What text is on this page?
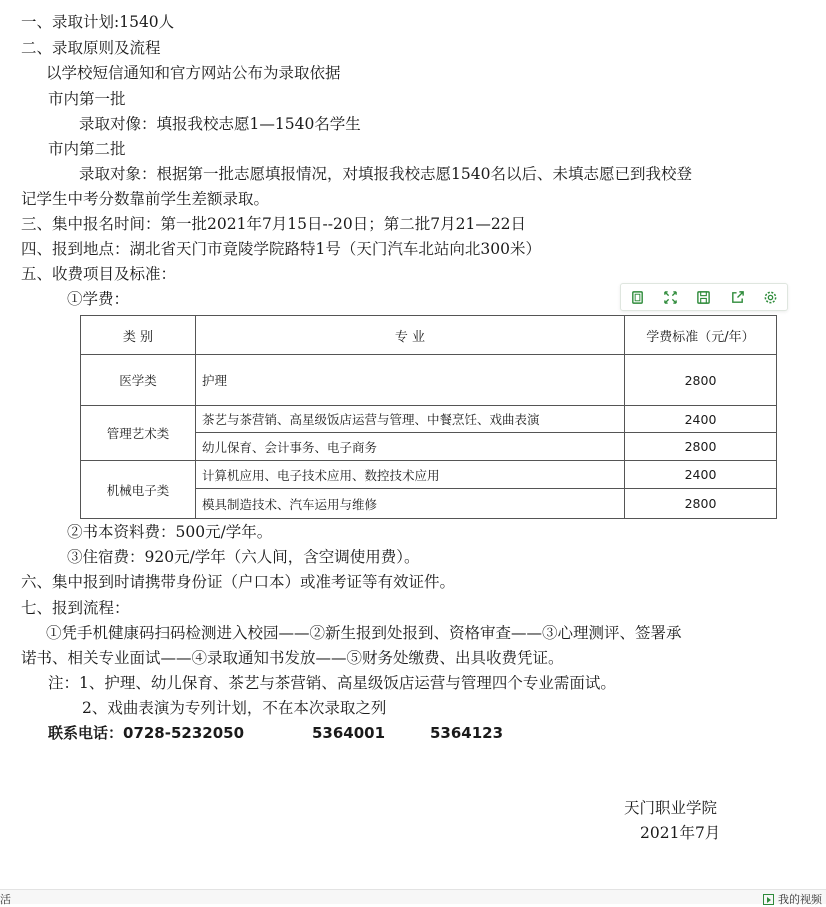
一、录取计划:1540人
二、录取原则及流程
以学校短信通知和官方网站公布为录取依据
市内第一批
录取对像：填报我校志愿1—1540名学生
市内第二批
录取对象：根据第一批志愿填报情况，对填报我校志愿1540名以后、未填志愿已到我校登
记学生中考分数靠前学生差额录取。
三、集中报名时间：第一批2021年7月15日--20日；第二批7月21—22日
四、报到地点：湖北省天门市竟陵学院路特1号（天门汽车北站向北300米）
五、收费项目及标准：
①学费：
类 别	专 业	学费标准（元/年）
医学类	护理	2800
管理艺术类	茶艺与茶营销、高星级饭店运营与管理、中餐烹饪、戏曲表演	2400
	幼儿保育、会计事务、电子商务	2800
机械电子类	计算机应用、电子技术应用、数控技术应用	2400
	模具制造技术、汽车运用与维修	2800
②书本资料费：500元/学年。
③住宿费：920元/学年（六人间，含空调使用费）。
六、集中报到时请携带身份证（户口本）或准考证等有效证件。
七、报到流程：
①凭手机健康码扫码检测进入校园——②新生报到处报到、资格审查——③心理测评、签署承
诺书、相关专业面试——④录取通知书发放——⑤财务处缴费、出具收费凭证。
注：1、护理、幼儿保育、茶艺与茶营销、高星级饭店运营与管理四个专业需面试。
2、戏曲表演为专列计划，不在本次录取之列
联系电话：0728-5232050	5364001	5364123
天门职业学院
2021年7月
活	我的视频
